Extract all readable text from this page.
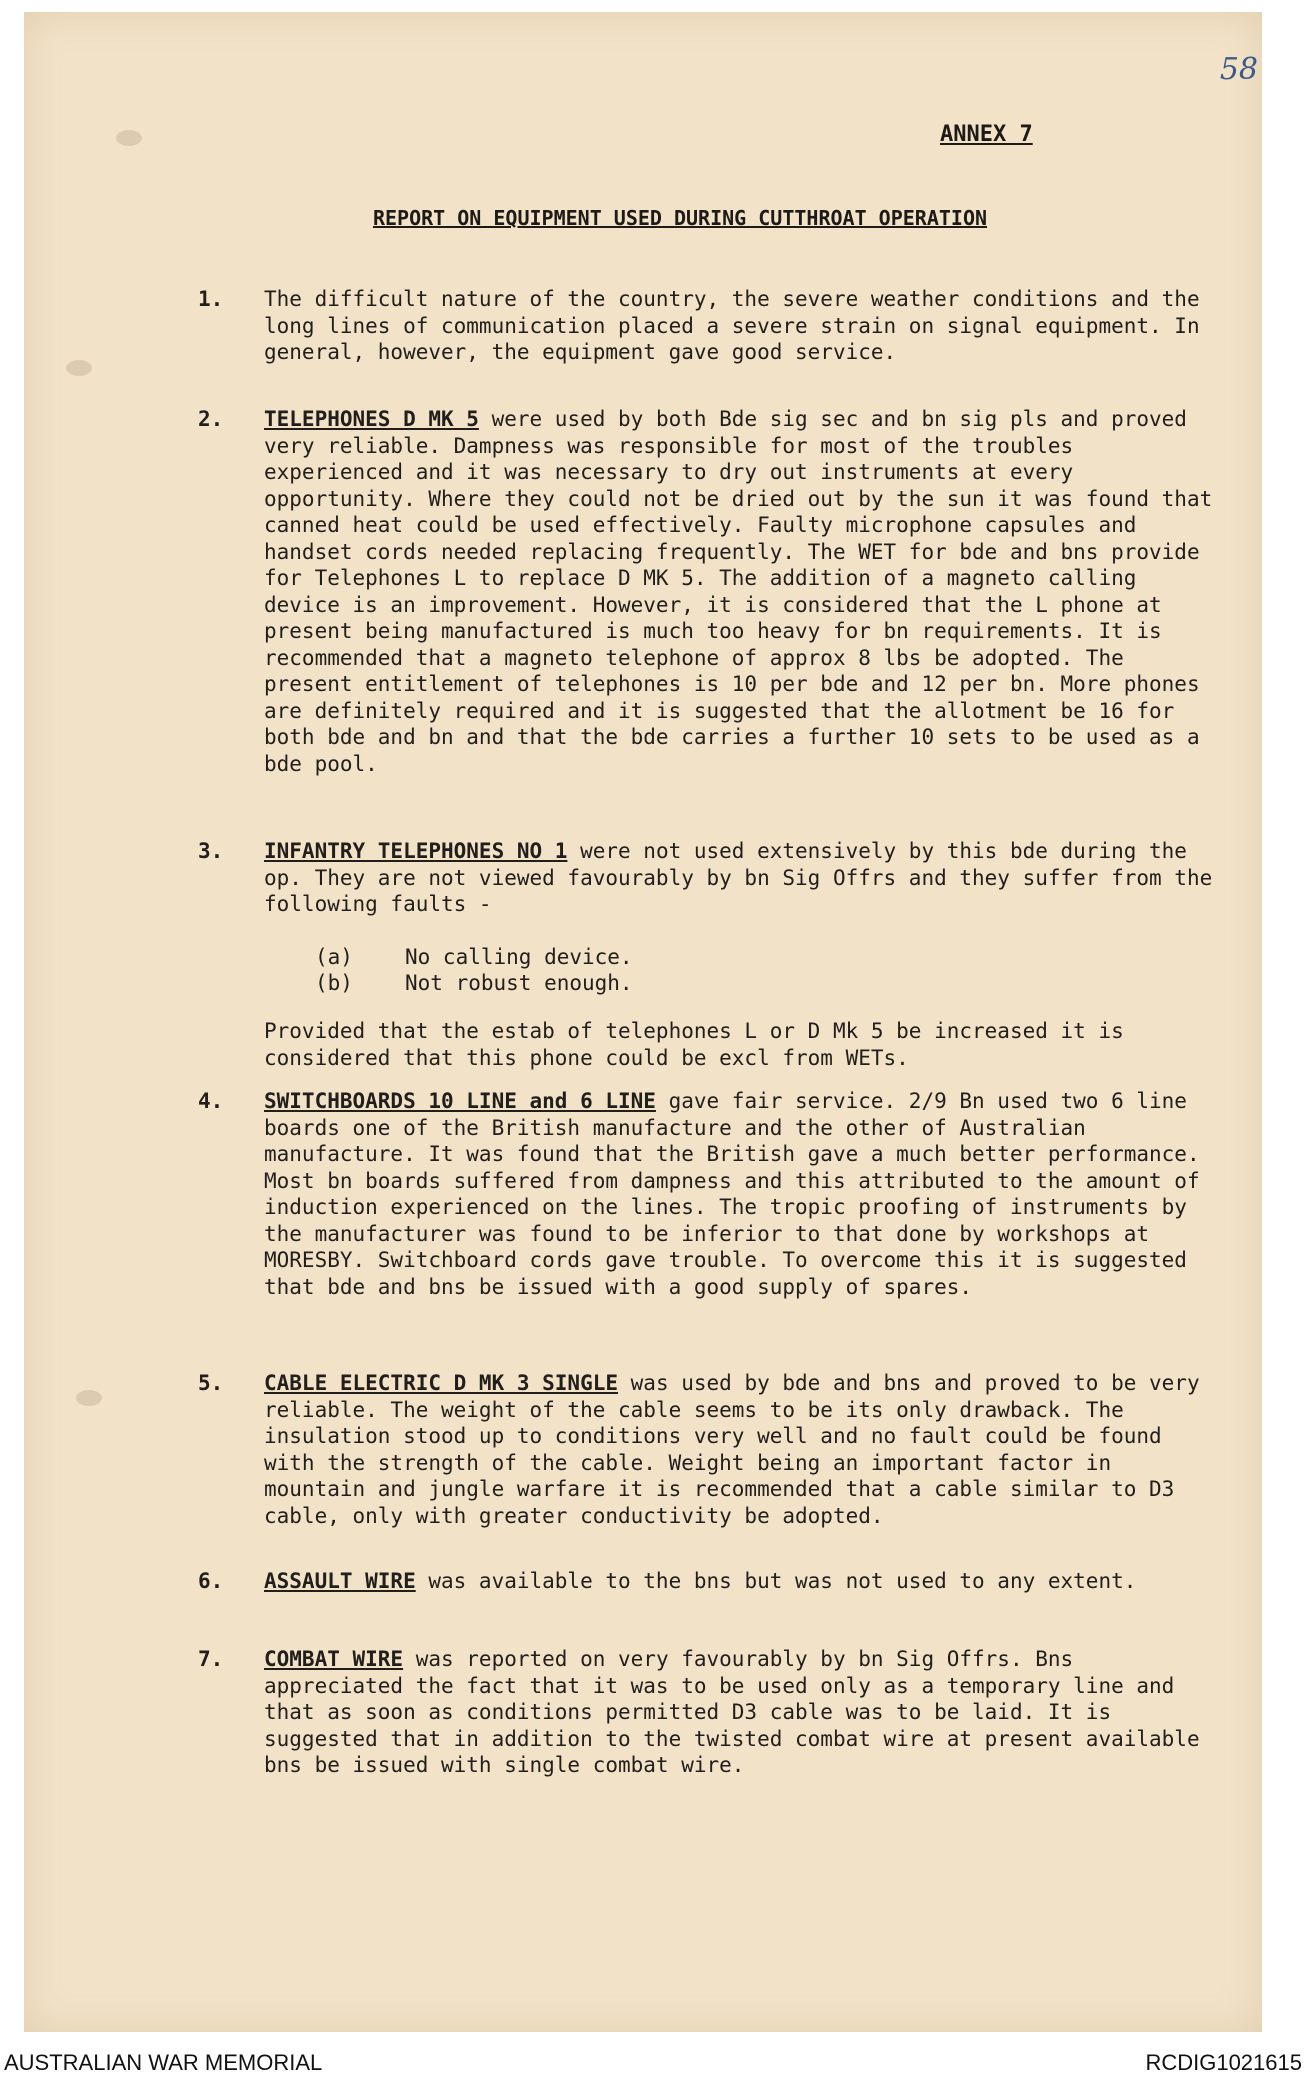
58
ANNEX 7
REPORT ON EQUIPMENT USED DURING CUTTHROAT OPERATION
1.	The difficult nature of the country, the severe weather conditions and the long lines of communication placed a severe strain on signal equipment. In general, however, the equipment gave good service.
2.	TELEPHONES D MK 5 were used by both Bde sig sec and bn sig pls and proved very reliable. Dampness was responsible for most of the troubles experienced and it was necessary to dry out instruments at every opportunity. Where they could not be dried out by the sun it was found that canned heat could be used effectively. Faulty microphone capsules and handset cords needed replacing frequently. The WET for bde and bns provide for Telephones L to replace D MK 5. The addition of a magneto calling device is an improvement. However, it is considered that the L phone at present being manufactured is much too heavy for bn requirements. It is recommended that a magneto telephone of approx 8 lbs be adopted. The present entitlement of telephones is 10 per bde and 12 per bn. More phones are definitely required and it is suggested that the allotment be 16 for both bde and bn and that the bde carries a further 10 sets to be used as a bde pool.
3.	INFANTRY TELEPHONES NO 1 were not used extensively by this bde during the op. They are not viewed favourably by bn Sig Offrs and they suffer from the following faults -
(a) No calling device.
(b) Not robust enough.
Provided that the estab of telephones L or D Mk 5 be increased it is considered that this phone could be excl from WETs.
4.	SWITCHBOARDS 10 LINE and 6 LINE gave fair service. 2/9 Bn used two 6 line boards one of the British manufacture and the other of Australian manufacture. It was found that the British gave a much better performance. Most bn boards suffered from dampness and this attributed to the amount of induction experienced on the lines. The tropic proofing of instruments by the manufacturer was found to be inferior to that done by workshops at MORESBY. Switchboard cords gave trouble. To overcome this it is suggested that bde and bns be issued with a good supply of spares.
5.	CABLE ELECTRIC D MK 3 SINGLE was used by bde and bns and proved to be very reliable. The weight of the cable seems to be its only drawback. The insulation stood up to conditions very well and no fault could be found with the strength of the cable. Weight being an important factor in mountain and jungle warfare it is recommended that a cable similar to D3 cable, only with greater conductivity be adopted.
6.	ASSAULT WIRE was available to the bns but was not used to any extent.
7.	COMBAT WIRE was reported on very favourably by bn Sig Offrs. Bns appreciated the fact that it was to be used only as a temporary line and that as soon as conditions permitted D3 cable was to be laid. It is suggested that in addition to the twisted combat wire at present available bns be issued with single combat wire.
AUSTRALIAN WAR MEMORIAL	RCDIG1021615
